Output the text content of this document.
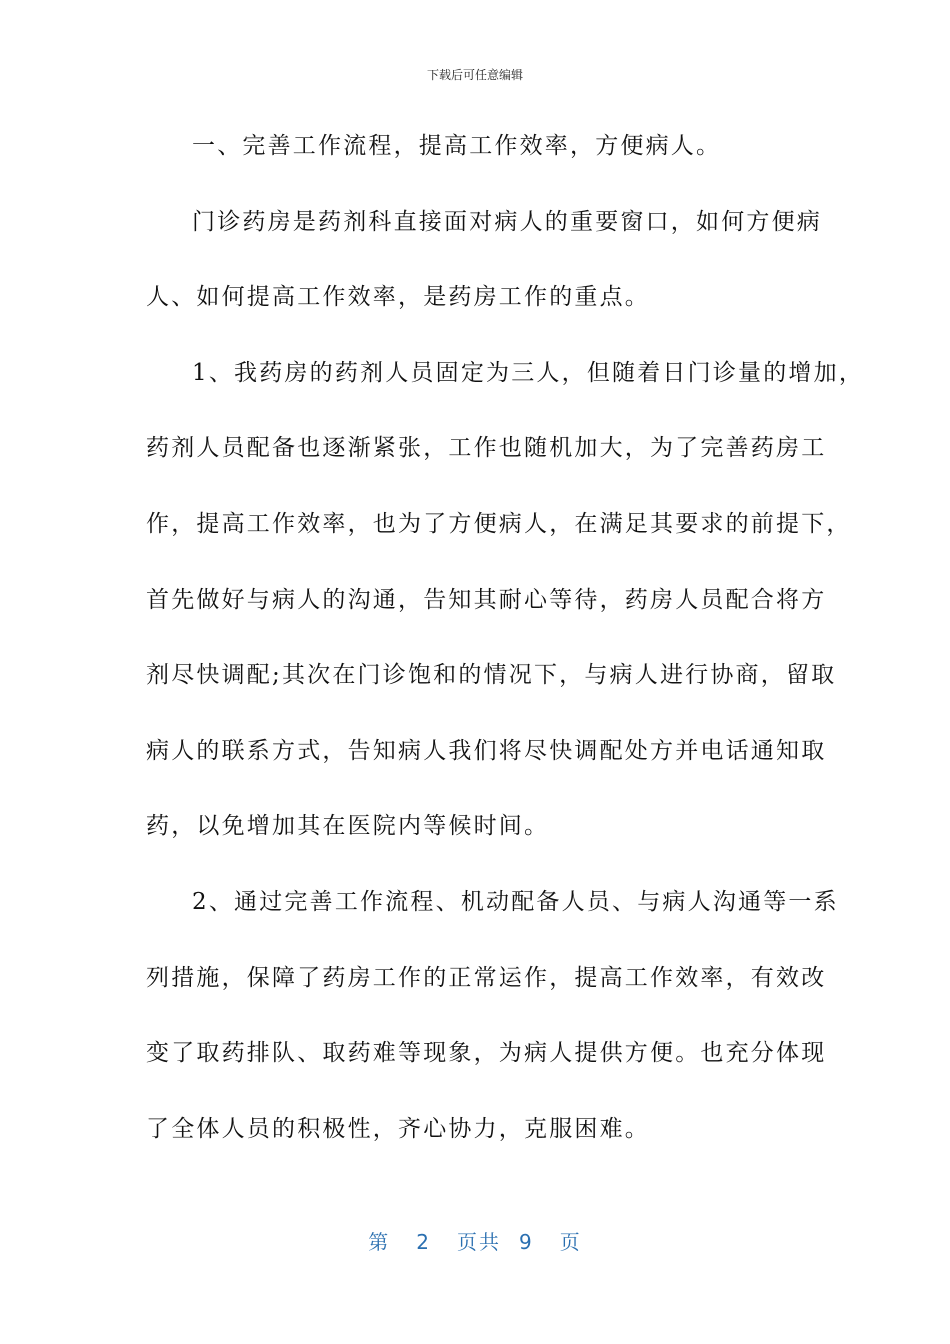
下载后可任意编辑
一、完善工作流程，提高工作效率，方便病人。
门诊药房是药剂科直接面对病人的重要窗口，如何方便病
人、如何提高工作效率，是药房工作的重点。
1、我药房的药剂人员固定为三人，但随着日门诊量的增加，
药剂人员配备也逐渐紧张，工作也随机加大，为了完善药房工
作，提高工作效率，也为了方便病人，在满足其要求的前提下，
首先做好与病人的沟通，告知其耐心等待，药房人员配合将方
剂尽快调配;其次在门诊饱和的情况下，与病人进行协商，留取
病人的联系方式，告知病人我们将尽快调配处方并电话通知取
药，以免增加其在医院内等候时间。
2、通过完善工作流程、机动配备人员、与病人沟通等一系
列措施，保障了药房工作的正常运作，提高工作效率，有效改
变了取药排队、取药难等现象，为病人提供方便。也充分体现
了全体人员的积极性，齐心协力，克服困难。
第 2 页共 9 页
